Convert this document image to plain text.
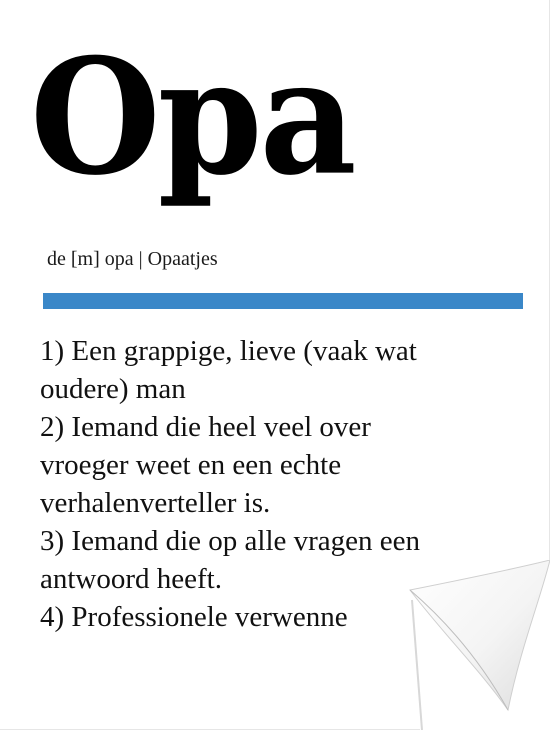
Opa
de [m] opa | Opaatjes
1) Een grappige, lieve (vaak wat
oudere) man
2) Iemand die heel veel over
vroeger weet en een echte
verhalenverteller is.
3) Iemand die op alle vragen een
antwoord heeft.
4) Professionele verwenne
